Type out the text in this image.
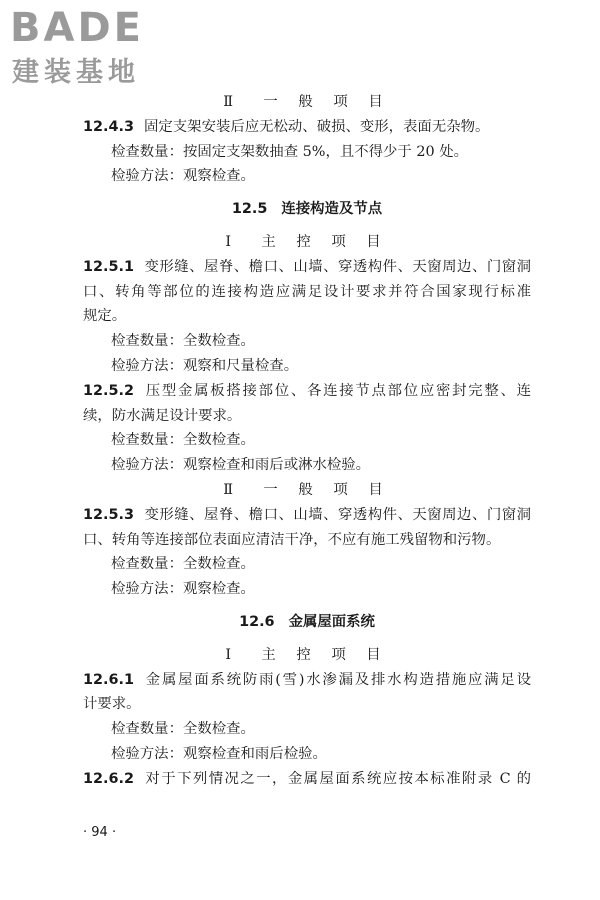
BADE
建装基地
Ⅱ　一 般 项 目
12.4.3 固定支架安装后应无松动、破损、变形，表面无杂物。
检查数量：按固定支架数抽查 5%，且不得少于 20 处。
检验方法：观察检查。
12.5 连接构造及节点
Ⅰ　主 控 项 目
12.5.1 变形缝、屋脊、檐口、山墙、穿透构件、天窗周边、门窗洞
口、转角等部位的连接构造应满足设计要求并符合国家现行标准
规定。
检查数量：全数检查。
检验方法：观察和尺量检查。
12.5.2 压型金属板搭接部位、各连接节点部位应密封完整、连
续，防水满足设计要求。
检查数量：全数检查。
检验方法：观察检查和雨后或淋水检验。
Ⅱ　一 般 项 目
12.5.3 变形缝、屋脊、檐口、山墙、穿透构件、天窗周边、门窗洞
口、转角等连接部位表面应清洁干净，不应有施工残留物和污物。
检查数量：全数检查。
检验方法：观察检查。
12.6 金属屋面系统
Ⅰ　主 控 项 目
12.6.1 金属屋面系统防雨(雪)水渗漏及排水构造措施应满足设
计要求。
检查数量：全数检查。
检验方法：观察检查和雨后检验。
12.6.2 对于下列情况之一，金属屋面系统应按本标准附录 C 的
· 94 ·
